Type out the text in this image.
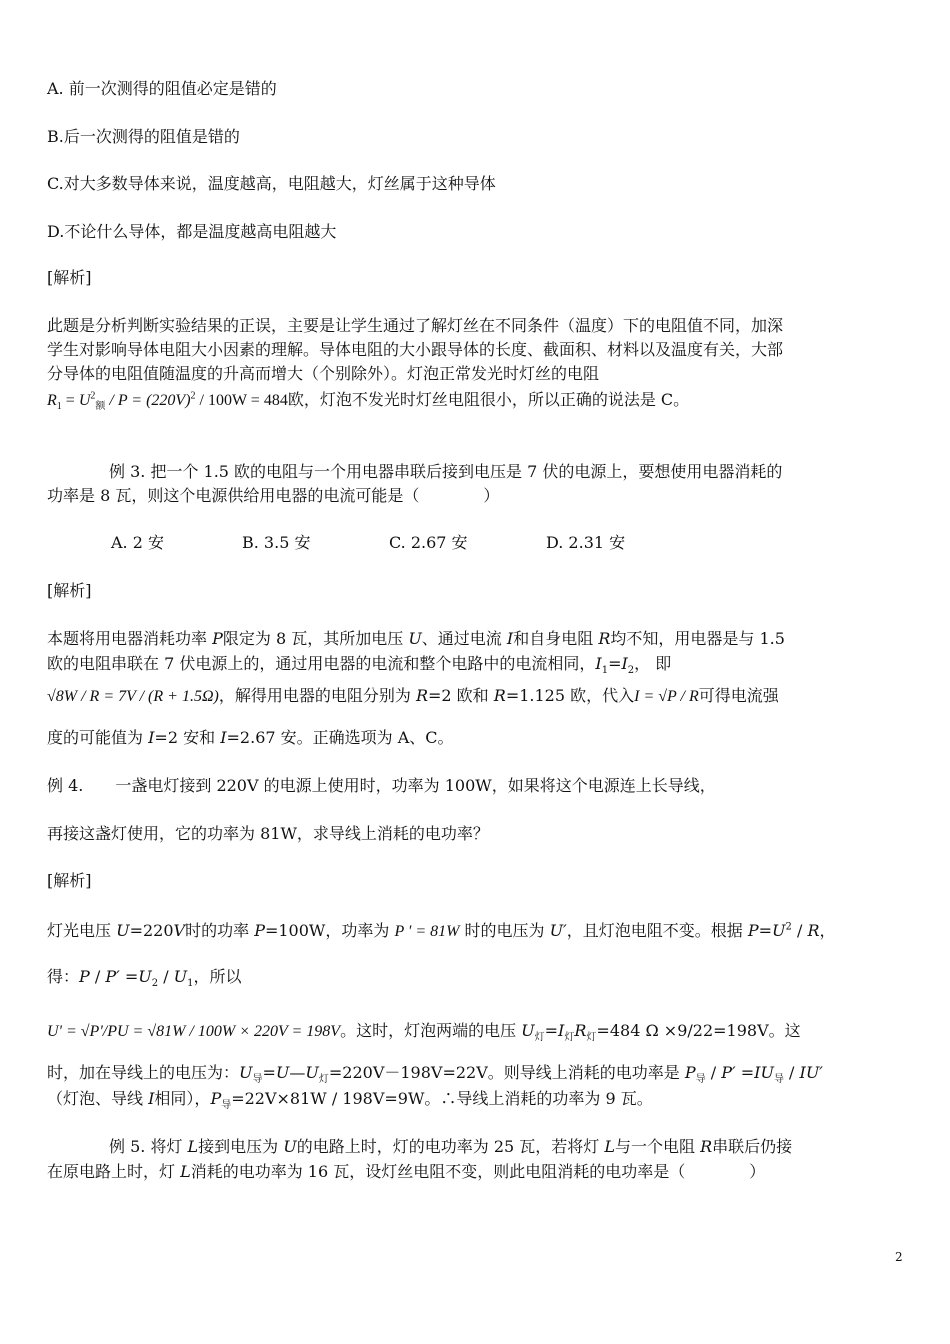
A. 前一次测得的阻值必定是错的
B.后一次测得的阻值是错的
C.对大多数导体来说，温度越高，电阻越大，灯丝属于这种导体
D.不论什么导体，都是温度越高电阻越大
[解析]
此题是分析判断实验结果的正误，主要是让学生通过了解灯丝在不同条件（温度）下的电阻值不同，加深
学生对影响导体电阻大小因素的理解。导体电阻的大小跟导体的长度、截面积、材料以及温度有关，大部
分导体的电阻值随温度的升高而增大（个别除外）。灯泡正常发光时灯丝的电阻
$R_1 = U^2_额 / P = (220V)^2 / 100W = 484$欧，灯泡不发光时灯丝电阻很小，所以正确的说法是 C。
例 3. 把一个 1.5 欧的电阻与一个用电器串联后接到电压是 7 伏的电源上，要想使用电器消耗的
功率是 8 瓦，则这个电源供给用电器的电流可能是（　　　　）
A. 2 安	B. 3.5 安	C. 2.67 安	D. 2.31 安
[解析]
本题将用电器消耗功率 P限定为 8 瓦，其所加电压 U、通过电流 I和自身电阻 R均不知，用电器是与 1.5
欧的电阻串联在 7 伏电源上的，通过用电器的电流和整个电路中的电流相同，$I_1=I_2$， 即
√8W / R = 7V / (R + 1.5Ω)，解得用电器的电阻分别为 R=2 欧和 R=1.125 欧，代入I = √P / R可得电流强
度的可能值为 I=2 安和 I=2.67 安。正确选项为 A、C。
例 4.　　一盏电灯接到 220V 的电源上使用时，功率为 100W，如果将这个电源连上长导线，
再接这盏灯使用，它的功率为 81W，求导线上消耗的电功率？
[解析]
灯光电压 U=220V时的功率 P=100W，功率为 P ' = 81W 时的电压为 U′，且灯泡电阻不变。根据 $P=U^2 / R$，
得：$P / P' =U_2 / U_1$，所以
U' = √P'/PU = √81W / 100W × 220V = 198V。这时，灯泡两端的电压 $U_灯=I_灯R_灯=484$ Ω ×9/22=198V。这
时，加在导线上的电压为：$U_导=U—U_灯=220V-198V=22V$。则导线上消耗的电功率是 $P_导 / P' =IU_导 / IU'$
（灯泡、导线 I相同），$P_导=22V\times 81W / 198V=9W$。∴导线上消耗的功率为 9 瓦。
例 5. 将灯 L接到电压为 U的电路上时，灯的电功率为 25 瓦，若将灯 L与一个电阻 R串联后仍接
在原电路上时，灯 L消耗的电功率为 16 瓦，设灯丝电阻不变，则此电阻消耗的电功率是（　　　　）
2
